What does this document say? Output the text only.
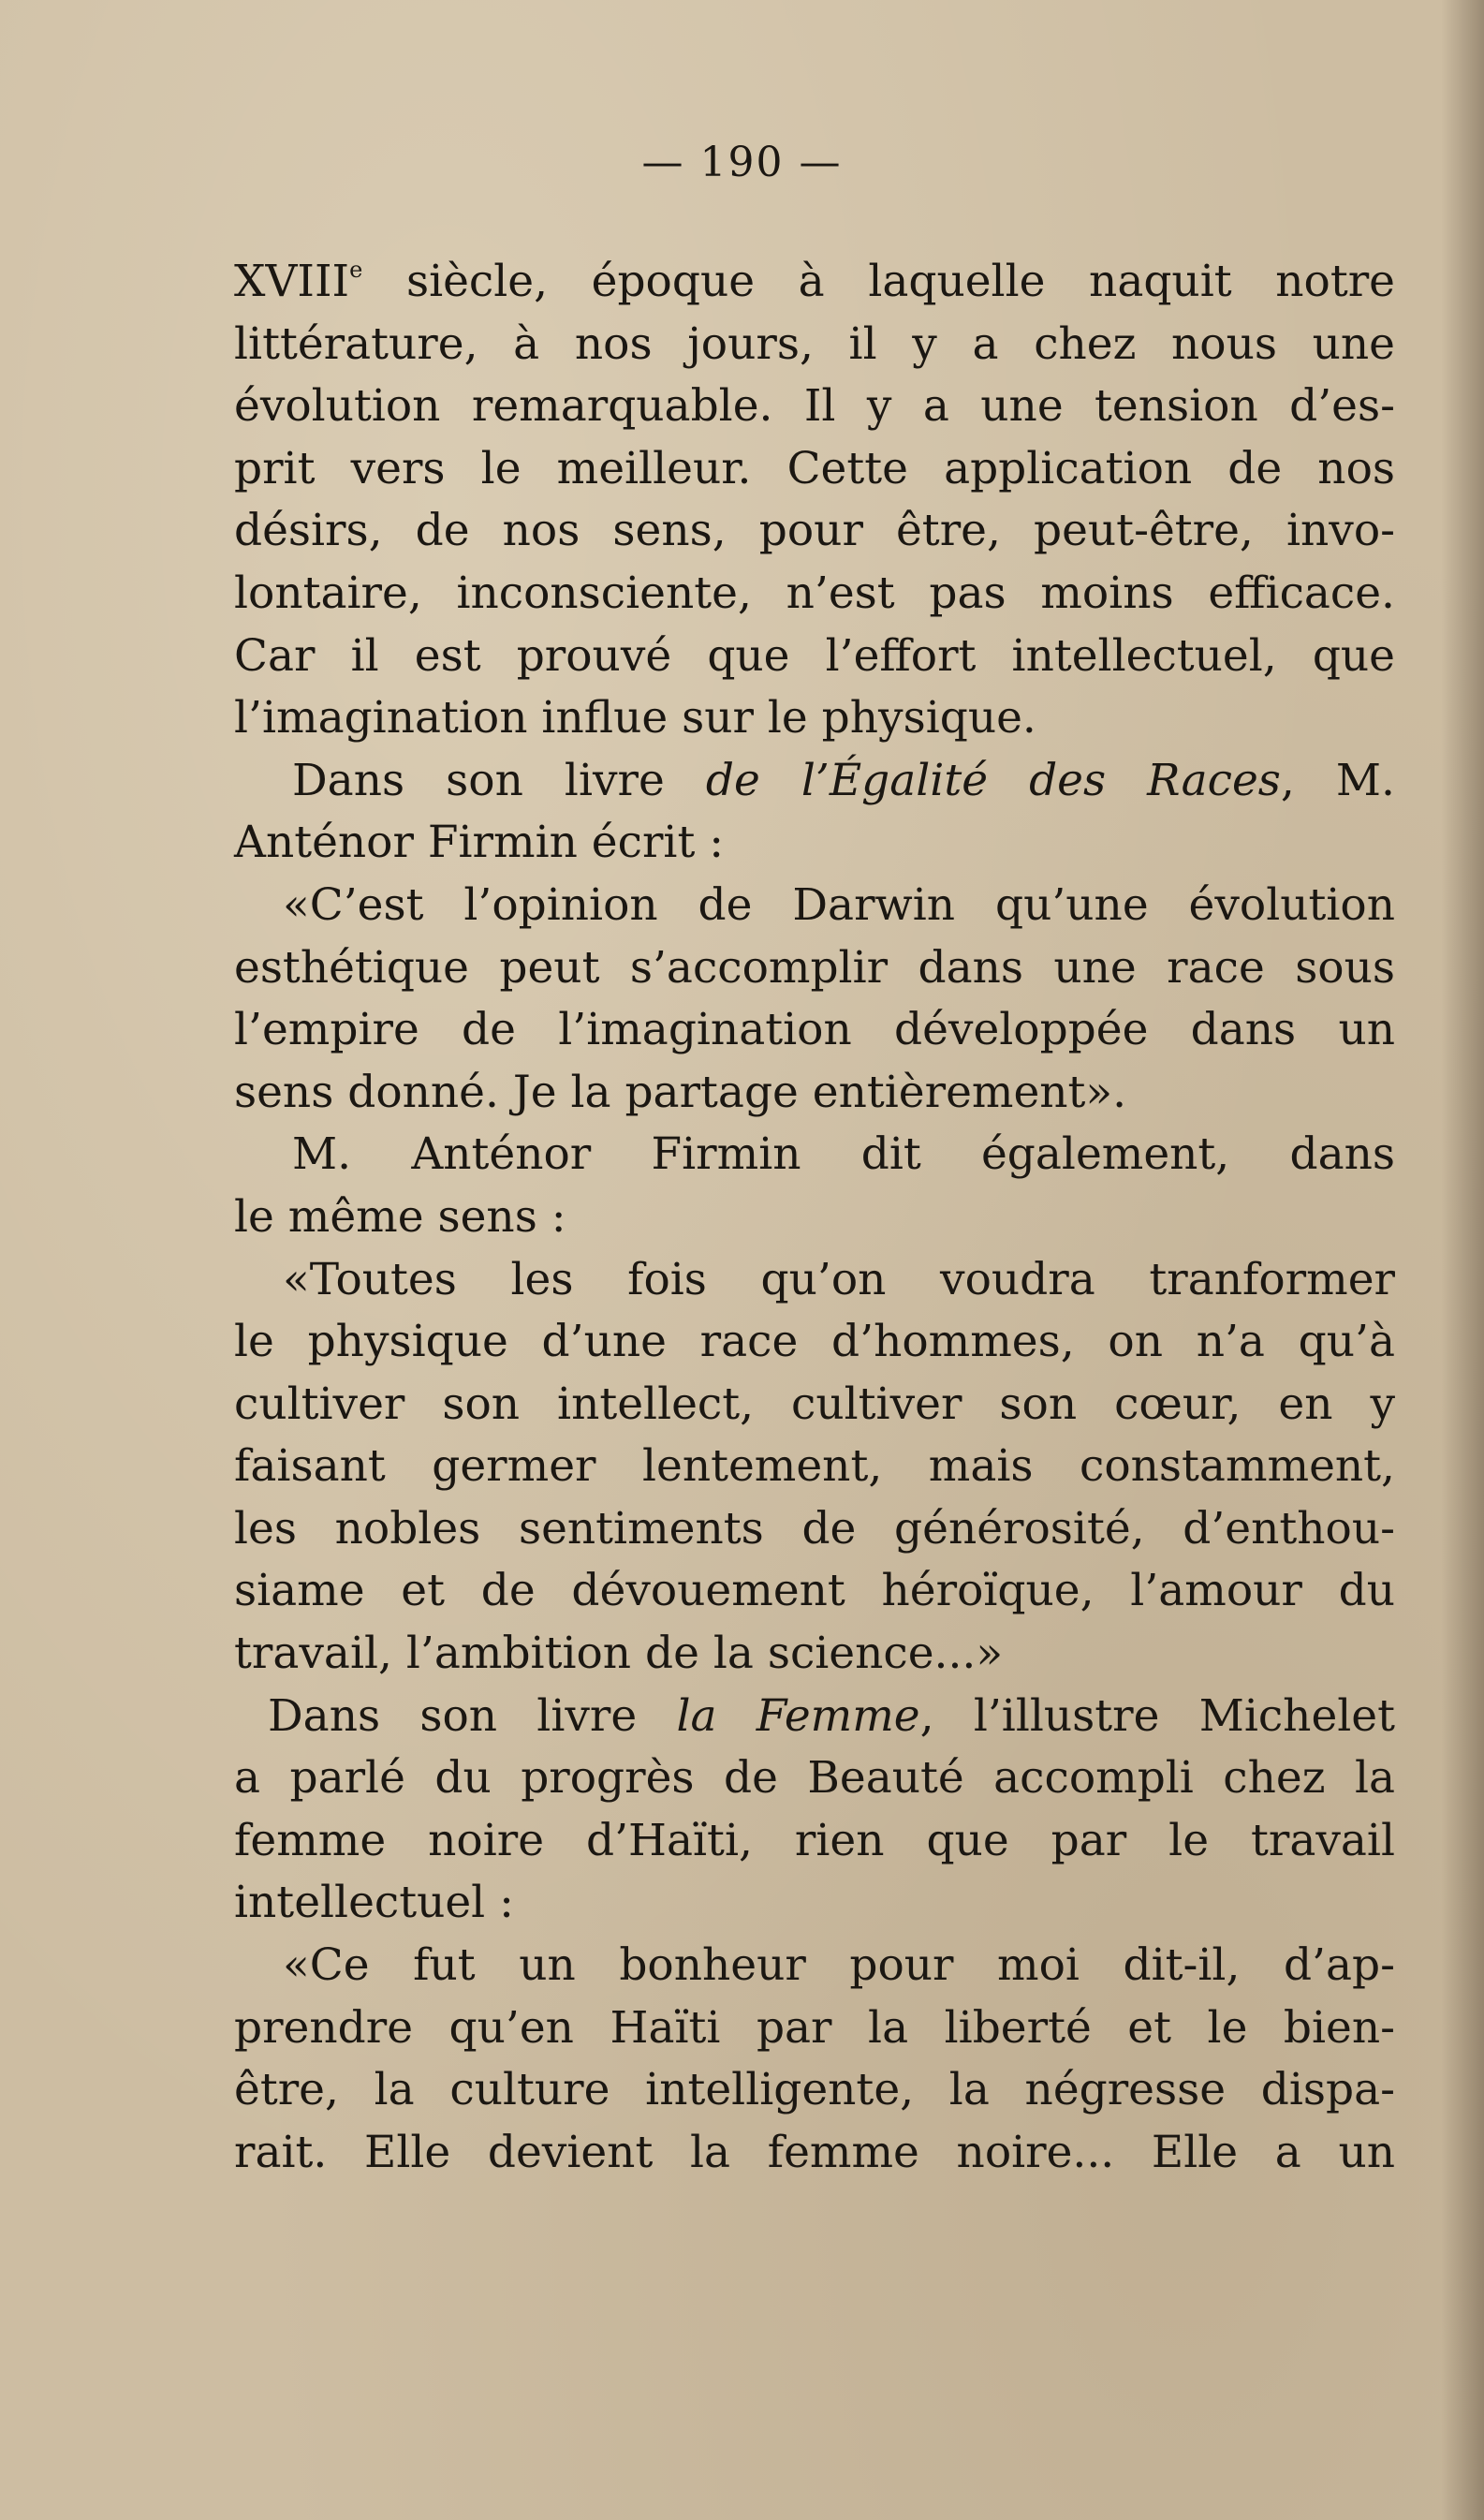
— 190 —
XVIIIe siècle, époque à laquelle naquit notre
littérature, à nos jours, il y a chez nous une
évolution remarquable. Il y a une tension d’es-
prit vers le meilleur. Cette application de nos
désirs, de nos sens, pour être, peut-être, invo-
lontaire, inconsciente, n’est pas moins efficace.
Car il est prouvé que l’effort intellectuel, que
l’imagination influe sur le physique.
Dans son livre de l’Égalité des Races, M.
Anténor Firmin écrit :
«C’est l’opinion de Darwin qu’une évolution
esthétique peut s’accomplir dans une race sous
l’empire de l’imagination développée dans un
sens donné. Je la partage entièrement».
M. Anténor Firmin dit également, dans
le même sens :
«Toutes les fois qu’on voudra tranformer
le physique d’une race d’hommes, on n’a qu’à
cultiver son intellect, cultiver son cœur, en y
faisant germer lentement, mais constamment,
les nobles sentiments de générosité, d’enthou-
siame et de dévouement héroïque, l’amour du
travail, l’ambition de la science...»
Dans son livre la Femme, l’illustre Michelet
a parlé du progrès de Beauté accompli chez la
femme noire d’Haïti, rien que par le travail
intellectuel :
«Ce fut un bonheur pour moi dit-il, d’ap-
prendre qu’en Haïti par la liberté et le bien-
être, la culture intelligente, la négresse dispa-
rait. Elle devient la femme noire... Elle a un
